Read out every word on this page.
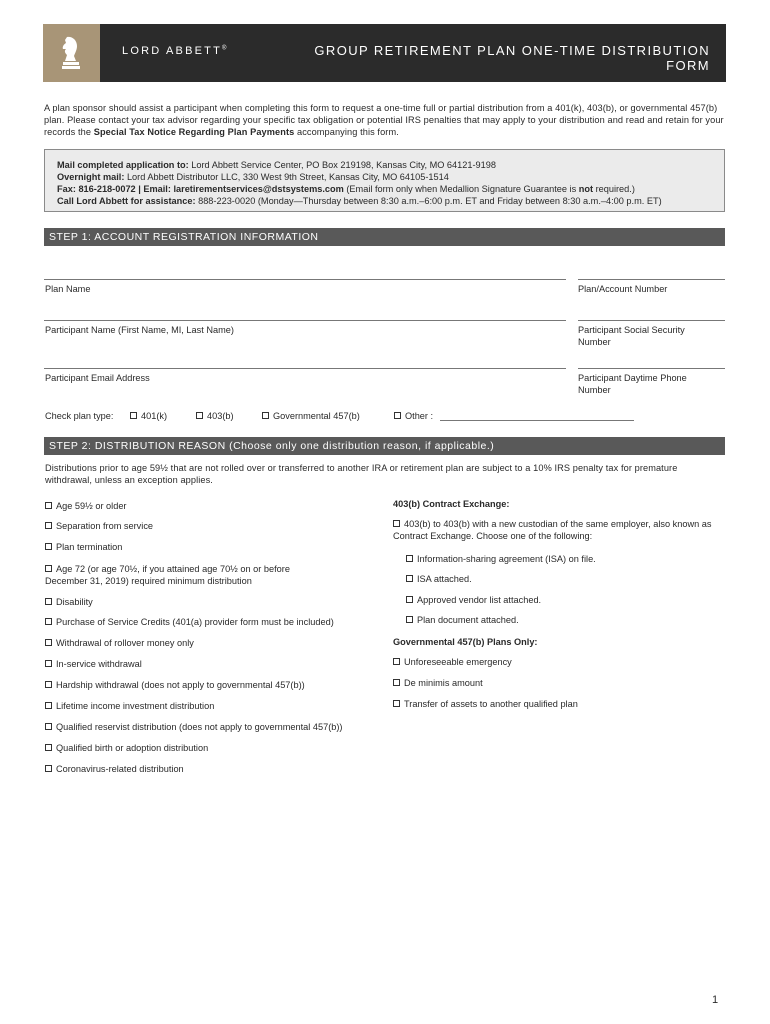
LORD ABBETT®	GROUP RETIREMENT PLAN ONE-TIME DISTRIBUTION FORM
A plan sponsor should assist a participant when completing this form to request a one-time full or partial distribution from a 401(k), 403(b), or governmental 457(b) plan. Please contact your tax advisor regarding your specific tax obligation or potential IRS penalties that may apply to your distribution and read and retain for your records the Special Tax Notice Regarding Plan Payments accompanying this form.
Mail completed application to: Lord Abbett Service Center, PO Box 219198, Kansas City, MO 64121-9198
Overnight mail: Lord Abbett Distributor LLC, 330 West 9th Street, Kansas City, MO 64105-1514
Fax: 816-218-0072 | Email: laretirementservices@dstsystems.com (Email form only when Medallion Signature Guarantee is not required.)
Call Lord Abbett for assistance: 888-223-0020 (Monday—Thursday between 8:30 a.m.–6:00 p.m. ET and Friday between 8:30 a.m.–4:00 p.m. ET)
STEP 1: ACCOUNT REGISTRATION INFORMATION
Plan Name	Plan/Account Number
Participant Name (First Name, MI, Last Name)	Participant Social Security
Number
Participant Email Address	Participant Daytime Phone
Number
Check plan type:	401(k)	403(b)	Governmental 457(b)	Other :
STEP 2: DISTRIBUTION REASON (Choose only one distribution reason, if applicable.)
Distributions prior to age 59½ that are not rolled over or transferred to another IRA or retirement plan are subject to a 10% IRS penalty tax for premature withdrawal, unless an exception applies.
Age 59½ or older
Separation from service
Plan termination
Age 72 (or age 70½, if you attained age 70½ on or before December 31, 2019) required minimum distribution
Disability
Purchase of Service Credits (401(a) provider form must be included)
Withdrawal of rollover money only
In-service withdrawal
Hardship withdrawal (does not apply to governmental 457(b))
Lifetime income investment distribution
Qualified reservist distribution (does not apply to governmental 457(b))
Qualified birth or adoption distribution
Coronavirus-related distribution
403(b) Contract Exchange:
403(b) to 403(b) with a new custodian of the same employer, also known as Contract Exchange. Choose one of the following:
Information-sharing agreement (ISA) on file.
ISA attached.
Approved vendor list attached.
Plan document attached.
Governmental 457(b) Plans Only:
Unforeseeable emergency
De minimis amount
Transfer of assets to another qualified plan
1
